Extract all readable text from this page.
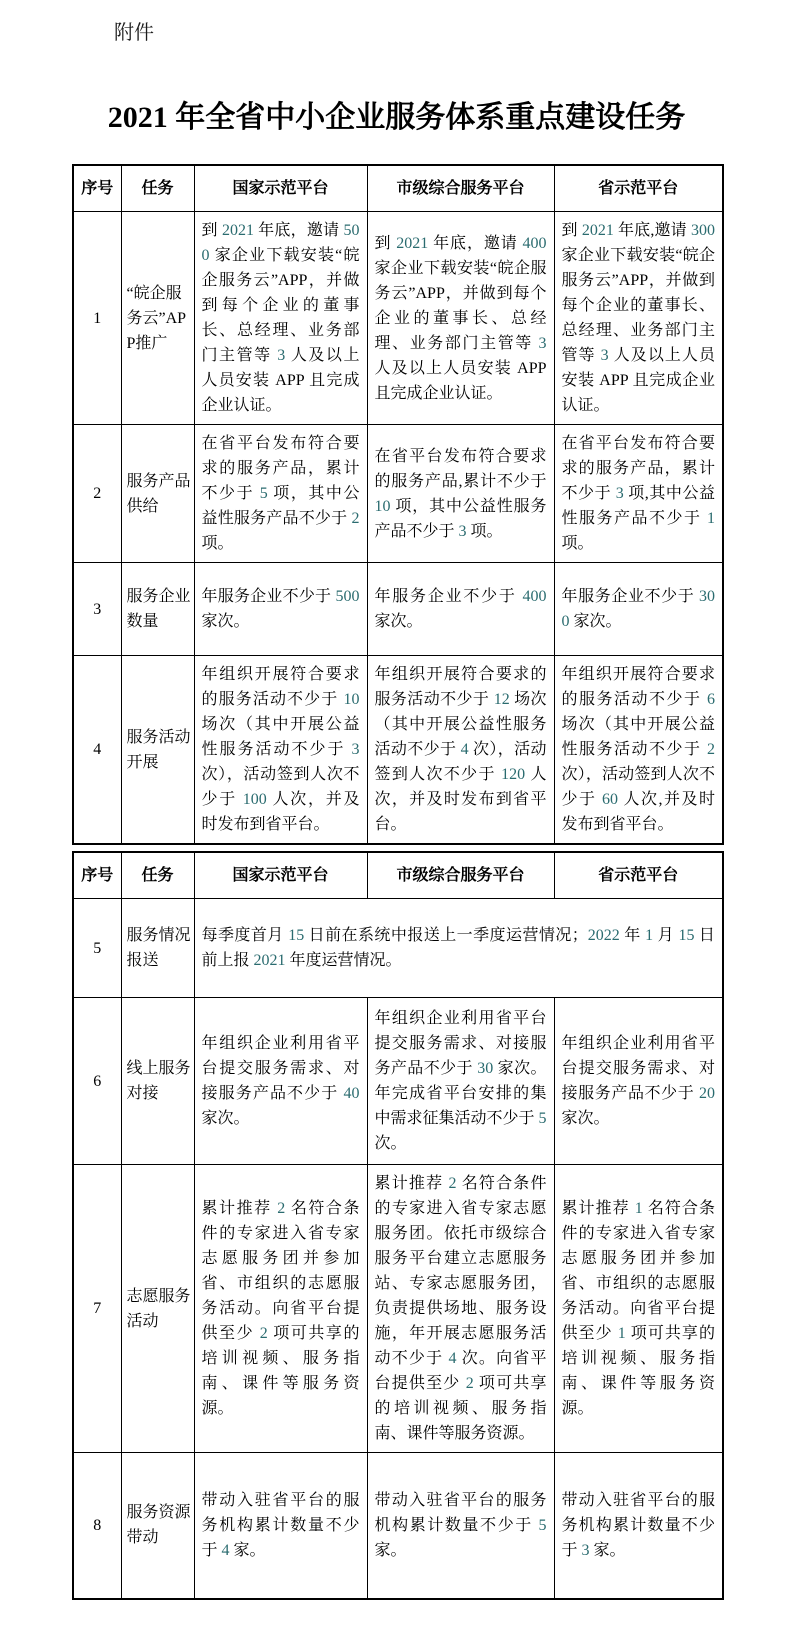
附件
2021 年全省中小企业服务体系重点建设任务
序号	任务	国家示范平台	市级综合服务平台	省示范平台
1	“皖企服务云”APP推广	到 2021 年底，邀请 500 家企业下载安装“皖企服务云”APP，并做到每个企业的董事长、总经理、业务部门主管等 3 人及以上人员安装 APP 且完成企业认证。	到 2021 年底，邀请 400 家企业下载安装“皖企服务云”APP，并做到每个企业的董事长、总经理、业务部门主管等 3 人及以上人员安装 APP 且完成企业认证。	到 2021 年底,邀请 300 家企业下载安装“皖企服务云”APP，并做到每个企业的董事长、总经理、业务部门主管等 3 人及以上人员安装 APP 且完成企业认证。
2	服务产品供给	在省平台发布符合要求的服务产品，累计不少于 5 项，其中公益性服务产品不少于 2 项。	在省平台发布符合要求的服务产品,累计不少于 10 项，其中公益性服务产品不少于 3 项。	在省平台发布符合要求的服务产品，累计不少于 3 项,其中公益性服务产品不少于 1 项。
3	服务企业数量	年服务企业不少于 500 家次。	年服务企业不少于 400 家次。	年服务企业不少于 300 家次。
4	服务活动开展	年组织开展符合要求的服务活动不少于 10 场次（其中开展公益性服务活动不少于 3 次），活动签到人次不少于 100 人次，并及时发布到省平台。	年组织开展符合要求的服务活动不少于 12 场次（其中开展公益性服务活动不少于 4 次），活动签到人次不少于 120 人次，并及时发布到省平台。	年组织开展符合要求的服务活动不少于 6 场次（其中开展公益性服务活动不少于 2 次），活动签到人次不少于 60 人次,并及时发布到省平台。
序号	任务	国家示范平台	市级综合服务平台	省示范平台
5	服务情况报送	每季度首月 15 日前在系统中报送上一季度运营情况；2022 年 1 月 15 日前上报 2021 年度运营情况。		
6	线上服务对接	年组织企业利用省平台提交服务需求、对接服务产品不少于 40 家次。	年组织企业利用省平台提交服务需求、对接服务产品不少于 30 家次。年完成省平台安排的集中需求征集活动不少于 5 次。	年组织企业利用省平台提交服务需求、对接服务产品不少于 20 家次。
7	志愿服务活动	累计推荐 2 名符合条件的专家进入省专家志愿服务团并参加省、市组织的志愿服务活动。向省平台提供至少 2 项可共享的培训视频、服务指南、课件等服务资源。	累计推荐 2 名符合条件的专家进入省专家志愿服务团。依托市级综合服务平台建立志愿服务站、专家志愿服务团，负责提供场地、服务设施，年开展志愿服务活动不少于 4 次。向省平台提供至少 2 项可共享的培训视频、服务指南、课件等服务资源。	累计推荐 1 名符合条件的专家进入省专家志愿服务团并参加省、市组织的志愿服务活动。向省平台提供至少 1 项可共享的培训视频、服务指南、课件等服务资源。
8	服务资源带动	带动入驻省平台的服务机构累计数量不少于 4 家。	带动入驻省平台的服务机构累计数量不少于 5 家。	带动入驻省平台的服务机构累计数量不少于 3 家。
